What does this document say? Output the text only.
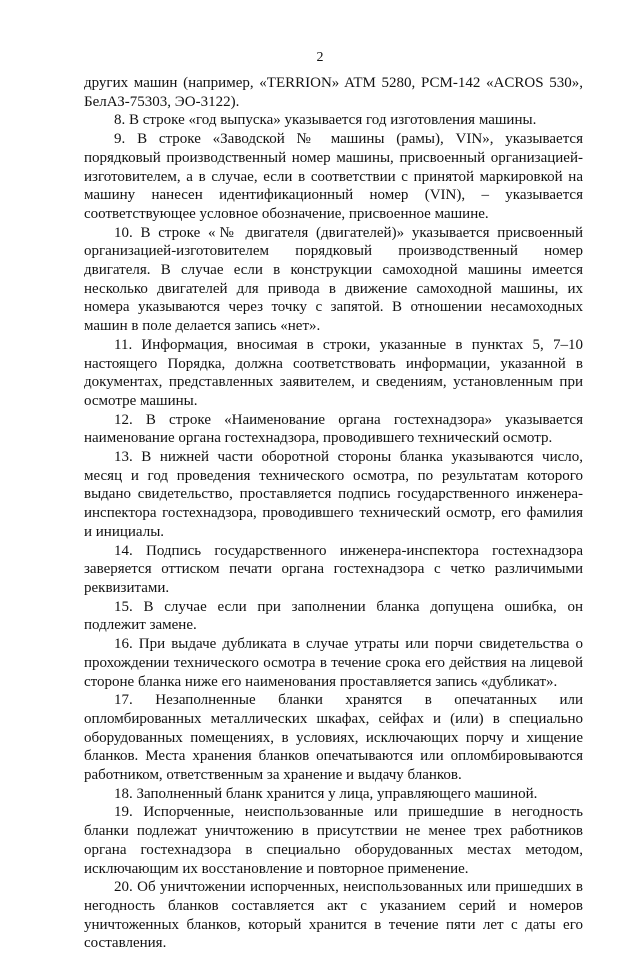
2

других машин (например, «TERRION» ATM 5280, РСМ-142 «ACROS 530», БелАЗ-75303, ЭО-3122).

8. В строке «год выпуска» указывается год изготовления машины.

9. В строке «Заводской № машины (рамы), VIN», указывается порядковый производственный номер машины, присвоенный организацией-изготовителем, а в случае, если в соответствии с принятой маркировкой на машину нанесен идентификационный номер (VIN), – указывается соответствующее условное обозначение, присвоенное машине.

10. В строке «№ двигателя (двигателей)» указывается присвоенный организацией-изготовителем порядковый производственный номер двигателя. В случае если в конструкции самоходной машины имеется несколько двигателей для привода в движение самоходной машины, их номера указываются через точку с запятой. В отношении несамоходных машин в поле делается запись «нет».

11. Информация, вносимая в строки, указанные в пунктах 5, 7–10 настоящего Порядка, должна соответствовать информации, указанной в документах, представленных заявителем, и сведениям, установленным при осмотре машины.

12. В строке «Наименование органа гостехнадзора» указывается наименование органа гостехнадзора, проводившего технический осмотр.

13. В нижней части оборотной стороны бланка указываются число, месяц и год проведения технического осмотра, по результатам которого выдано свидетельство, проставляется подпись государственного инженера-инспектора гостехнадзора, проводившего технический осмотр, его фамилия и инициалы.

14. Подпись государственного инженера-инспектора гостехнадзора заверяется оттиском печати органа гостехнадзора с четко различимыми реквизитами.

15. В случае если при заполнении бланка допущена ошибка, он подлежит замене.

16. При выдаче дубликата в случае утраты или порчи свидетельства о прохождении технического осмотра в течение срока его действия на лицевой стороне бланка ниже его наименования проставляется запись «дубликат».

17. Незаполненные бланки хранятся в опечатанных или опломбированных металлических шкафах, сейфах и (или) в специально оборудованных помещениях, в условиях, исключающих порчу и хищение бланков. Места хранения бланков опечатываются или опломбировываются работником, ответственным за хранение и выдачу бланков.

18. Заполненный бланк хранится у лица, управляющего машиной.

19. Испорченные, неиспользованные или пришедшие в негодность бланки подлежат уничтожению в присутствии не менее трех работников органа гостехнадзора в специально оборудованных местах методом, исключающим их восстановление и повторное применение.

20. Об уничтожении испорченных, неиспользованных или пришедших в негодность бланков составляется акт с указанием серий и номеров уничтоженных бланков, который хранится в течение пяти лет с даты его составления.
